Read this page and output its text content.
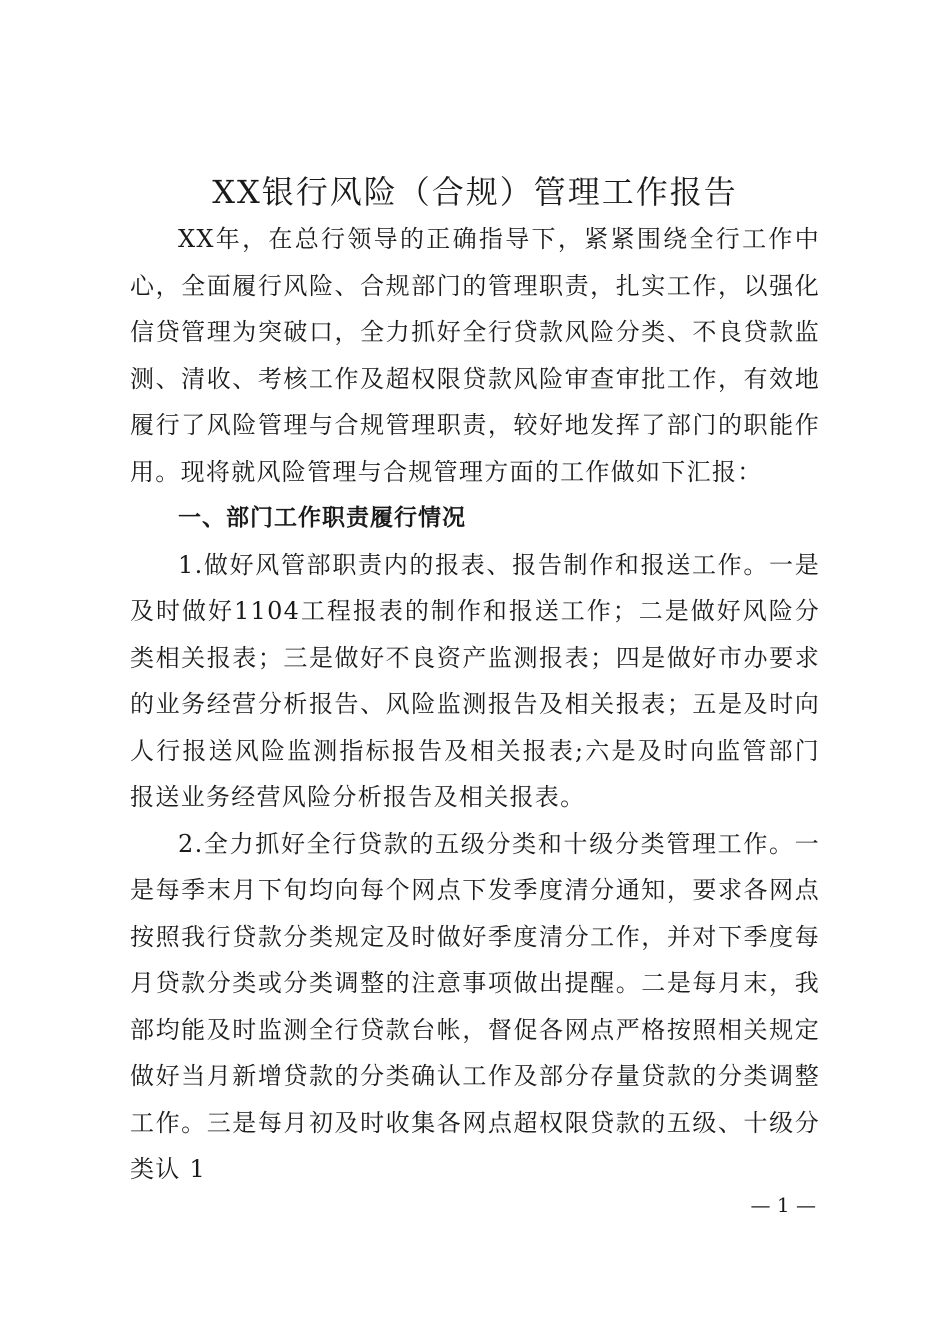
XX银行风险（合规）管理工作报告

XX年，在总行领导的正确指导下，紧紧围绕全行工作中心，全面履行风险、合规部门的管理职责，扎实工作，以强化信贷管理为突破口，全力抓好全行贷款风险分类、不良贷款监测、清收、考核工作及超权限贷款风险审查审批工作，有效地履行了风险管理与合规管理职责，较好地发挥了部门的职能作用。现将就风险管理与合规管理方面的工作做如下汇报：

一、部门工作职责履行情况

1.做好风管部职责内的报表、报告制作和报送工作。一是及时做好1104工程报表的制作和报送工作；二是做好风险分类相关报表；三是做好不良资产监测报表；四是做好市办要求的业务经营分析报告、风险监测报告及相关报表；五是及时向人行报送风险监测指标报告及相关报表;六是及时向监管部门报送业务经营风险分析报告及相关报表。

2.全力抓好全行贷款的五级分类和十级分类管理工作。一是每季末月下旬均向每个网点下发季度清分通知，要求各网点按照我行贷款分类规定及时做好季度清分工作，并对下季度每月贷款分类或分类调整的注意事项做出提醒。二是每月末，我部均能及时监测全行贷款台帐，督促各网点严格按照相关规定做好当月新增贷款的分类确认工作及部分存量贷款的分类调整工作。三是每月初及时收集各网点超权限贷款的五级、十级分类认 1

— 1 —
